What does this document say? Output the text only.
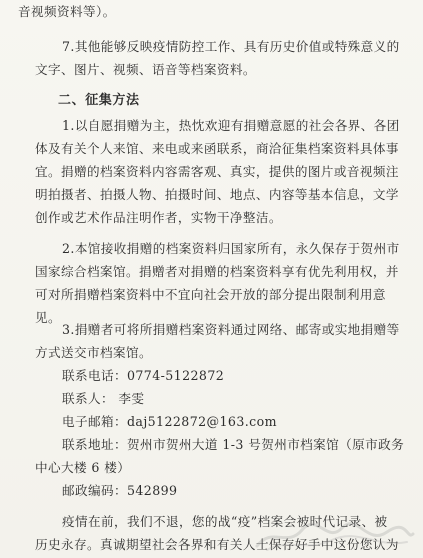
音视频资料等）。
7.其他能够反映疫情防控工作、具有历史价值或特殊意义的
文字、图片、视频、语音等档案资料。
二、征集方法
1.以自愿捐赠为主，热忱欢迎有捐赠意愿的社会各界、各团
体及有关个人来馆、来电或来函联系，商洽征集档案资料具体事
宜。捐赠的档案资料内容需客观、真实，提供的图片或音视频注
明拍摄者、拍摄人物、拍摄时间、地点、内容等基本信息，文学
创作或艺术作品注明作者，实物干净整洁。
2.本馆接收捐赠的档案资料归国家所有，永久保存于贺州市
国家综合档案馆。捐赠者对捐赠的档案资料享有优先利用权，并
可对所捐赠档案资料中不宜向社会开放的部分提出限制利用意
见。
3.捐赠者可将所捐赠档案资料通过网络、邮寄或实地捐赠等
方式送交市档案馆。
联系电话：0774-5122872
联系人： 李雯
电子邮箱：daj5122872@163.com
联系地址：贺州市贺州大道 1-3 号贺州市档案馆（原市政务
中心大楼 6 楼）
邮政编码：542899
疫情在前，我们不退，您的战“疫”档案会被时代记录、被
历史永存。真诚期望社会各界和有关人士保存好手中这份您认为
